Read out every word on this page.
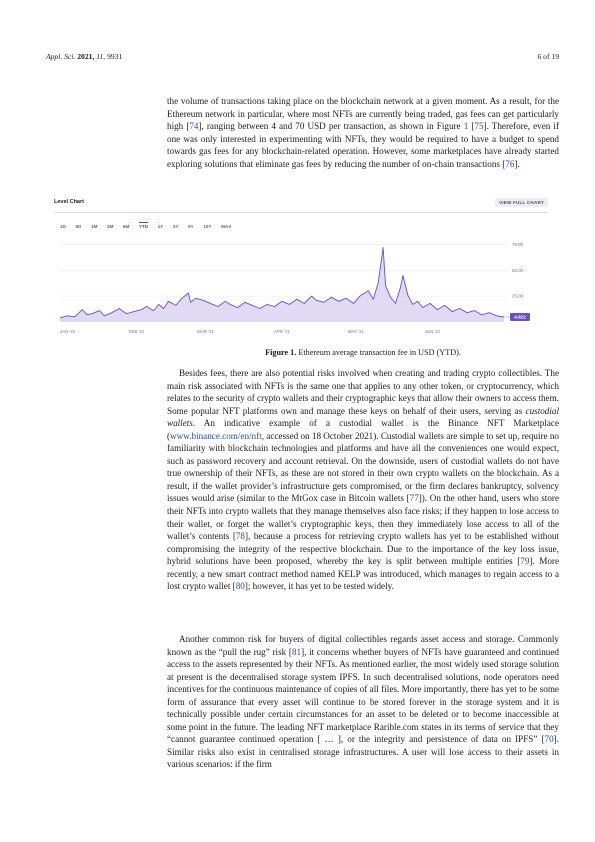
Appl. Sci. 2021, 11, 9931	6 of 19

the volume of transactions taking place on the blockchain network at a given moment. As a result, for the Ethereum network in particular, where most NFTs are currently being traded, gas fees can get particularly high [74], ranging between 4 and 70 USD per transaction, as shown in Figure 1 [75]. Therefore, even if one was only interested in experimenting with NFTs, they would be required to have a budget to spend towards gas fees for any blockchain-related operation. However, some marketplaces have already started exploring solutions that eliminate gas fees by reducing the number of on-chain transactions [76].

25.00
50.00
75.00
JAN '21	FEB '21	MAR '21	APR '21	MAY '21	JUN '21
4.822
Level Chart	VIEW FULL CHART
1D 5D 1M 3M 6M YTD 1Y 3Y 5Y 10Y MAX

Figure 1. Ethereum average transaction fee in USD (YTD).

Besides fees, there are also potential risks involved when creating and trading crypto collectibles. The main risk associated with NFTs is the same one that applies to any other token, or cryptocurrency, which relates to the security of crypto wallets and their cryptographic keys that allow their owners to access them. Some popular NFT platforms own and manage these keys on behalf of their users, serving as custodial wallets. An indicative example of a custodial wallet is the Binance NFT Marketplace (www.binance.com/en/nft, accessed on 18 October 2021). Custodial wallets are simple to set up, require no familiarity with blockchain technologies and platforms and have all the conveniences one would expect, such as password recovery and account retrieval. On the downside, users of custodial wallets do not have true ownership of their NFTs, as these are not stored in their own crypto wallets on the blockchain. As a result, if the wallet provider’s infrastructure gets compromised, or the firm declares bankruptcy, solvency issues would arise (similar to the MtGox case in Bitcoin wallets [77]). On the other hand, users who store their NFTs into crypto wallets that they manage themselves also face risks; if they happen to lose access to their wallet, or forget the wallet’s cryptographic keys, then they immediately lose access to all of the wallet’s contents [78], because a process for retrieving crypto wallets has yet to be established without compromising the integrity of the respective blockchain. Due to the importance of the key loss issue, hybrid solutions have been proposed, whereby the key is split between multiple entities [79]. More recently, a new smart contract method named KELP was introduced, which manages to regain access to a lost crypto wallet [80]; however, it has yet to be tested widely.

Another common risk for buyers of digital collectibles regards asset access and storage. Commonly known as the “pull the rug” risk [81], it concerns whether buyers of NFTs have guaranteed and continued access to the assets represented by their NFTs. As mentioned earlier, the most widely used storage solution at present is the decentralised storage system IPFS. In such decentralised solutions, node operators need incentives for the continuous maintenance of copies of all files. More importantly, there has yet to be some form of assurance that every asset will continue to be stored forever in the storage system and it is technically possible under certain circumstances for an asset to be deleted or to become inaccessible at some point in the future. The leading NFT marketplace Rarible.com states in its terms of service that they “cannot guarantee continued operation [ … ], or the integrity and persistence of data on IPFS” [70]. Similar risks also exist in centralised storage infrastructures. A user will lose access to their assets in various scenarios: if the firm
